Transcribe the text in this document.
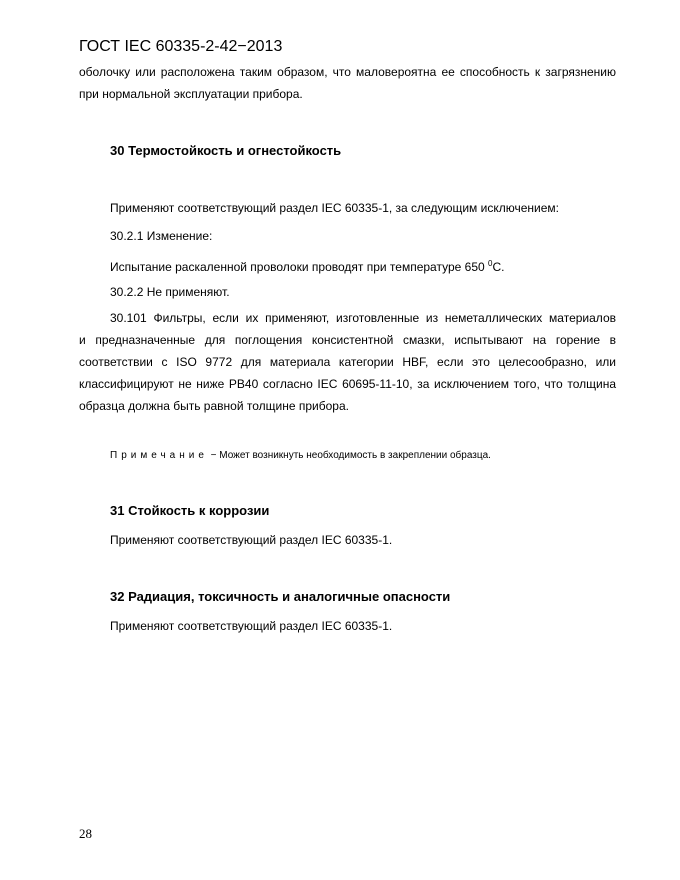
ГОСТ IEC 60335-2-42−2013
оболочку или расположена таким образом, что маловероятна ее способность к загрязнению
при нормальной эксплуатации прибора.
30 Термостойкость и огнестойкость
Применяют соответствующий раздел IEC 60335-1, за следующим исключением:
30.2.1 Изменение:
Испытание раскаленной проволоки проводят при температуре 650 $^0$С.
30.2.2 Не применяют.
30.101 Фильтры, если их применяют, изготовленные из неметаллических материалов
и предназначенные для поглощения консистентной смазки, испытывают на горение в
соответствии с ISO 9772 для материала категории HBF, если это целесообразно, или
классифицируют не ниже РВ40 согласно IEC 60695-11-10, за исключением того, что толщина
образца должна быть равной толщине прибора.
Примечание − Может возникнуть необходимость в закреплении образца.
31 Стойкость к коррозии
Применяют соответствующий раздел IEC 60335-1.
32 Радиация, токсичность и аналогичные опасности
Применяют соответствующий раздел IEC 60335-1.
28
